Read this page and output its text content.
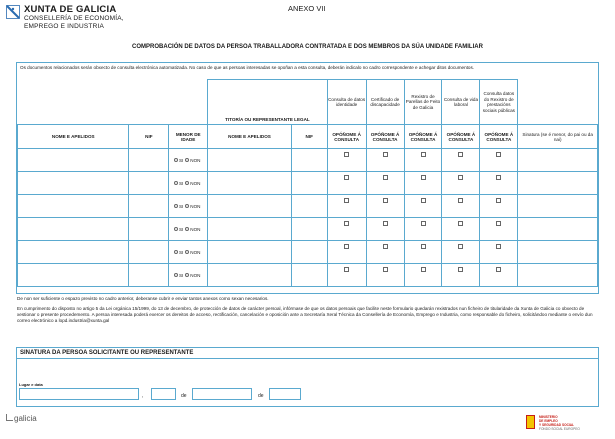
XUNTA DE GALICIA
CONSELLERÍA DE ECONOMÍA,
EMPREGO E INDUSTRIA
ANEXO VII
COMPROBACIÓN DE DATOS DA PERSOA TRABALLADORA CONTRATADA E DOS MEMBROS DA SÚA UNIDADE FAMILIAR
Os documentos relacionados serán obxecto de consulta electrónica automatizada. No caso de que as persoas interesadas se opoñan a esta consulta, deberán indicalo no cadro correspondente e achegar ditos documentos.
			TITOR/A OU REPRESENTANTE LEGAL		Consulta de datos identidade	Certificado de discapacidade	Rexistro de Parellas de Feito de Galicia	Consulta de vida laboral	Consulta datos do Rexistro de prestacións sociais públicas	
NOME E APELIDOS	NIF	MENOR DE IDADE	NOME E APELIDOS	NIF	OPÓÑOME Á CONSULTA	OPÓÑOME Á CONSULTA	OPÓÑOME Á CONSULTA	OPÓÑOME Á CONSULTA	OPÓÑOME Á CONSULTA	Sinatura (se é menor, do pai ou da nai)
		SI NON								
		SI NON								
		SI NON								
		SI NON								
		SI NON								
		SI NON								
De non ser suficiente o espazo previsto no cadro anterior, deberanse cubrir e enviar tantos anexos como sexan necesarios.
En cumprimento do disposto no artigo 5 da Lei orgánica 15/1999, do 13 de decembro, de protección de datos de carácter persoal, infórmase de que os datos persoais que facilite neste formulario quedarán rexistrados nun ficheiro de titularidade da Xunta de Galicia co obxecto de xestionar o presente procedemento. A persoa interesada poderá exercer os dereitos de acceso, rectificación, cancelación e oposición ante a Secretaría Xeral Técnica da Consellería de Economía, Emprego e Industria, como responsable do ficheiro, solicitándoo mediante o envío dun correo electrónico a lopd.industria@xunta.gal
SINATURA DA PERSOA SOLICITANTE OU REPRESENTANTE
Lugar e data
,	de	de
galicia	MINISTERIO
DE EMPLEO
Y SEGURIDAD SOCIAL
FONDO SOCIAL EUROPEO
